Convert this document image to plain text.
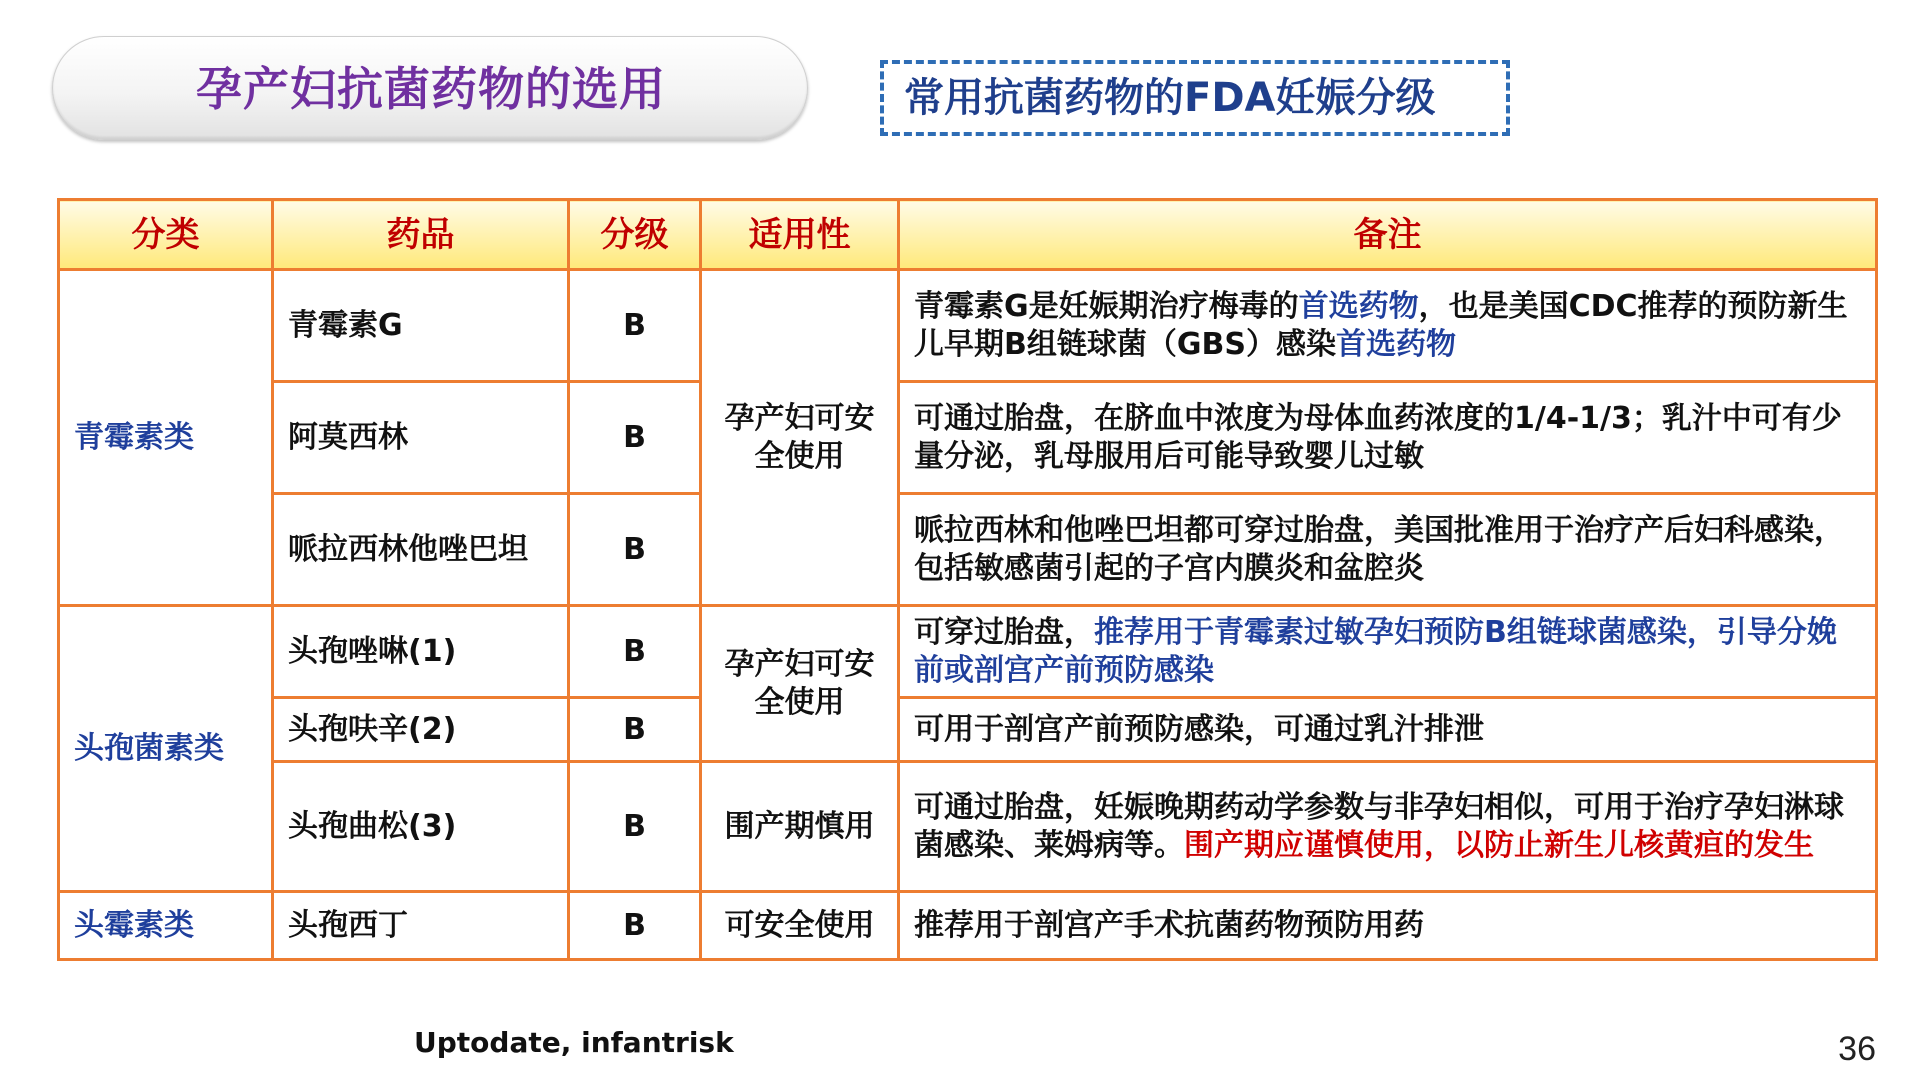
孕产妇抗菌药物的选用	常用抗菌药物的FDA妊娠分级
分类	药品	分级	适用性	备注
青霉素类	青霉素G	B	孕产妇可安全使用	青霉素G是妊娠期治疗梅毒的首选药物，也是美国CDC推荐的预防新生儿早期B组链球菌（GBS）感染首选药物
	阿莫西林	B		可通过胎盘，在脐血中浓度为母体血药浓度的1/4-1/3；乳汁中可有少量分泌，乳母服用后可能导致婴儿过敏
	哌拉西林他唑巴坦	B		哌拉西林和他唑巴坦都可穿过胎盘，美国批准用于治疗产后妇科感染，包括敏感菌引起的子宫内膜炎和盆腔炎
头孢菌素类	头孢唑啉(1)	B	孕产妇可安全使用	可穿过胎盘，推荐用于青霉素过敏孕妇预防B组链球菌感染，引导分娩前或剖宫产前预防感染
	头孢呋辛(2)	B		可用于剖宫产前预防感染，可通过乳汁排泄
	头孢曲松(3)	B	围产期慎用	可通过胎盘，妊娠晚期药动学参数与非孕妇相似，可用于治疗孕妇淋球菌感染、莱姆病等。围产期应谨慎使用，以防止新生儿核黄疸的发生
头霉素类	头孢西丁	B	可安全使用	推荐用于剖宫产手术抗菌药物预防用药
Uptodate, infantrisk	36
